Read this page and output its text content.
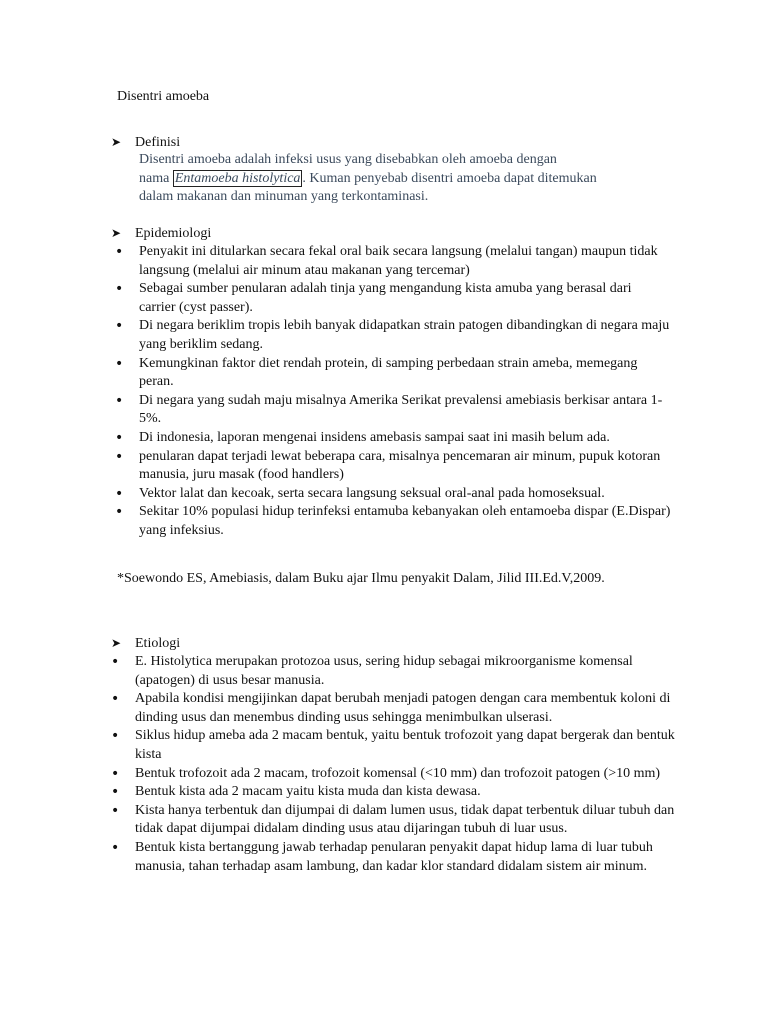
Disentri amoeba
➤ Definisi

Disentri amoeba adalah infeksi usus yang disebabkan oleh amoeba dengan

nama Entamoeba histolytica . Kuman penyebab disentri amoeba dapat ditemukan

dalam makanan dan minuman yang terkontaminasi.

➤ Epidemiologi
• Penyakit ini ditularkan secara fekal oral baik secara langsung (melalui tangan) maupun tidak langsung (melalui air minum atau makanan yang tercemar)
• Sebagai sumber penularan adalah tinja yang mengandung kista amuba yang berasal dari carrier (cyst passer).
• Di negara beriklim tropis lebih banyak didapatkan strain patogen dibandingkan di negara maju yang beriklim sedang.
• Kemungkinan faktor diet rendah protein, di samping perbedaan strain ameba, memegang peran.
• Di negara yang sudah maju misalnya Amerika Serikat prevalensi amebiasis berkisar antara 1-5%.
• Di indonesia, laporan mengenai insidens amebasis sampai saat ini masih belum ada.
• penularan dapat terjadi lewat beberapa cara, misalnya pencemaran air minum, pupuk kotoran manusia, juru masak (food handlers)
• Vektor lalat dan kecoak, serta secara langsung seksual oral-anal pada homoseksual.
• Sekitar 10% populasi hidup terinfeksi entamuba kebanyakan oleh entamoeba dispar (E.Dispar) yang infeksius.
*Soewondo ES, Amebiasis, dalam Buku ajar Ilmu penyakit Dalam, Jilid III.Ed.V,2009.
➤ Etiologi
• E. Histolytica merupakan protozoa usus, sering hidup sebagai mikroorganisme komensal (apatogen) di usus besar manusia.
• Apabila kondisi mengijinkan dapat berubah menjadi patogen dengan cara membentuk koloni di dinding usus dan menembus dinding usus sehingga menimbulkan ulserasi.
• Siklus hidup ameba ada 2 macam bentuk, yaitu bentuk trofozoit yang dapat bergerak dan bentuk kista
• Bentuk trofozoit ada 2 macam, trofozoit komensal (<10 mm) dan trofozoit patogen (>10 mm)
• Bentuk kista ada 2 macam yaitu kista muda dan kista dewasa.
• Kista hanya terbentuk dan dijumpai di dalam lumen usus, tidak dapat terbentuk diluar tubuh dan tidak dapat dijumpai didalam dinding usus atau dijaringan tubuh di luar usus.
• Bentuk kista bertanggung jawab terhadap penularan penyakit dapat hidup lama di luar tubuh manusia, tahan terhadap asam lambung, dan kadar klor standard didalam sistem air minum.
